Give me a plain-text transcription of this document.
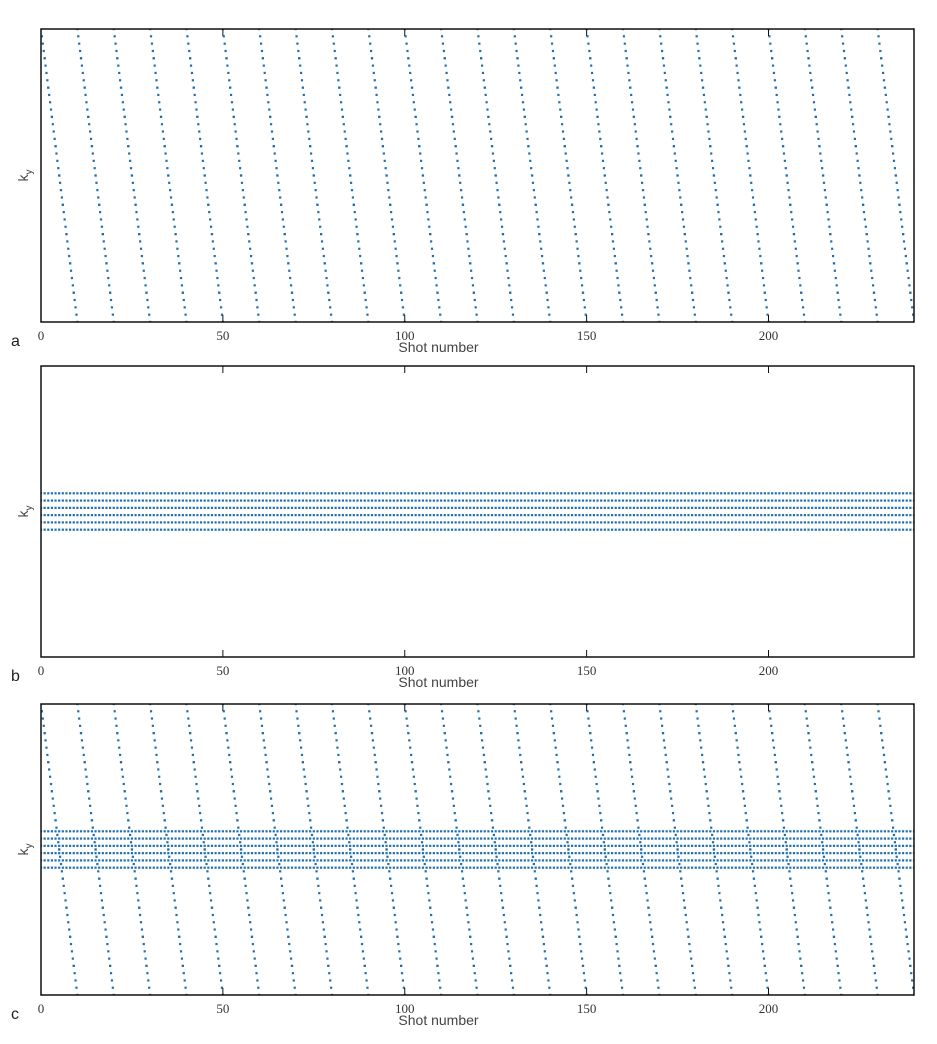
0	50	100	150	200
Shot number
$k_y$
a
0	50	100	150	200
Shot number
$k_y$
b
0	50	100	150	200
Shot number
$k_y$
c
